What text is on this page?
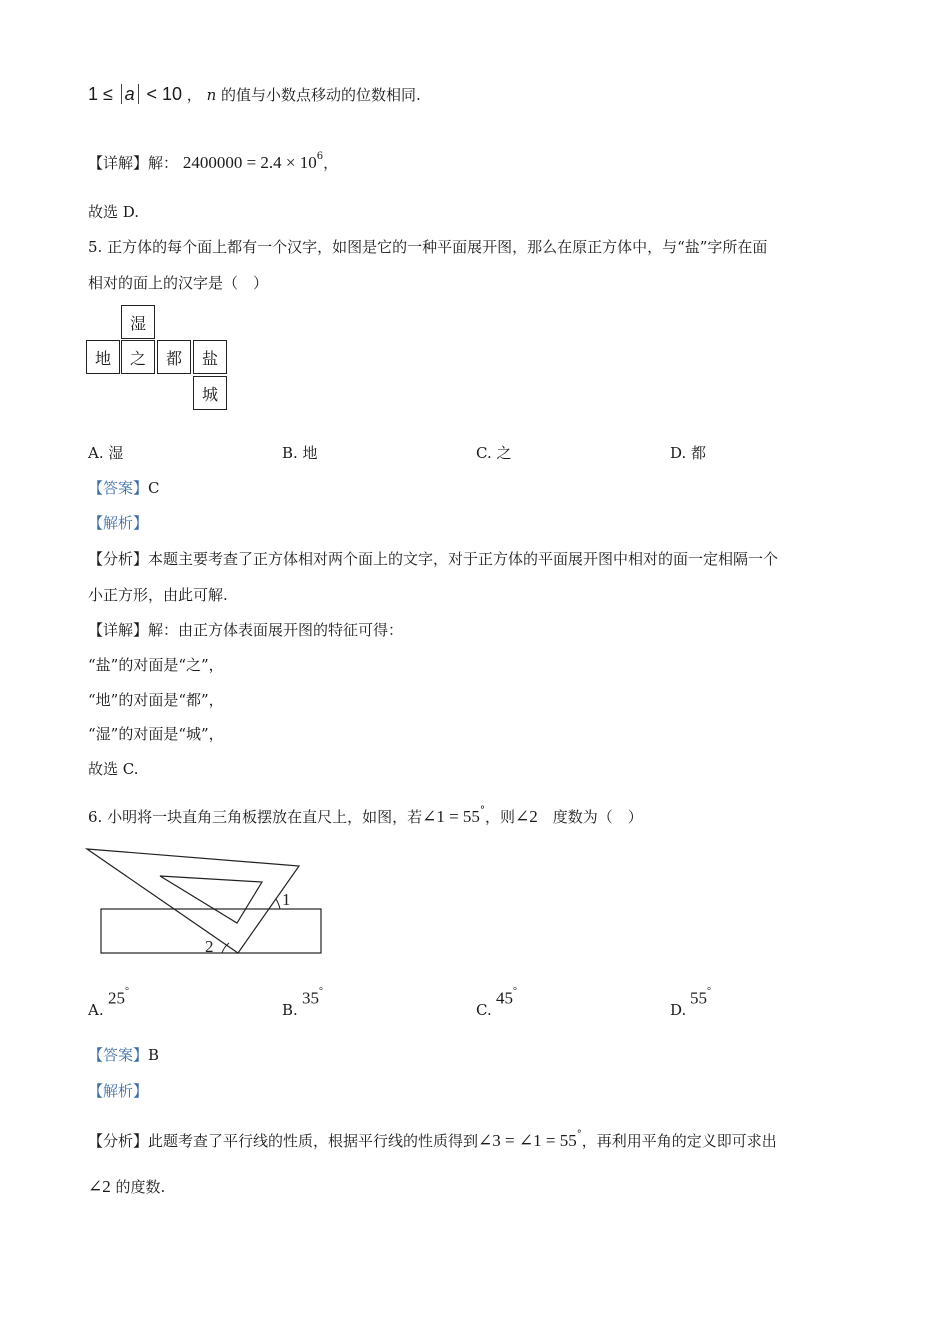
1 ≤ a < 10 ， n 的值与小数点移动的位数相同.
【详解】解： $2400000 = 2.4 \times 10^6$，
故选 D.
5. 正方体的每个面上都有一个汉字，如图是它的一种平面展开图，那么在原正方体中，与“盐”字所在面
相对的面上的汉字是（　）
湿
地	之	都	盐
城
A. 湿	B. 地	C. 之	D. 都
【答案】C
【解析】
【分析】本题主要考查了正方体相对两个面上的文字，对于正方体的平面展开图中相对的面一定相隔一个
小正方形，由此可解.
【详解】解：由正方体表面展开图的特征可得：
“盐”的对面是“之”，
“地”的对面是“都”，
“湿”的对面是“城”，
故选 C.
6. 小明将一块直角三角板摆放在直尺上，如图，若∠1 = 55°，则∠2　度数为（　）
1
2
A.
25°
B.
35°
C.
45°
D.
55°
【答案】B
【解析】
【分析】此题考查了平行线的性质，根据平行线的性质得到∠3 = ∠1 = 55°，再利用平角的定义即可求出
∠2 的度数.
